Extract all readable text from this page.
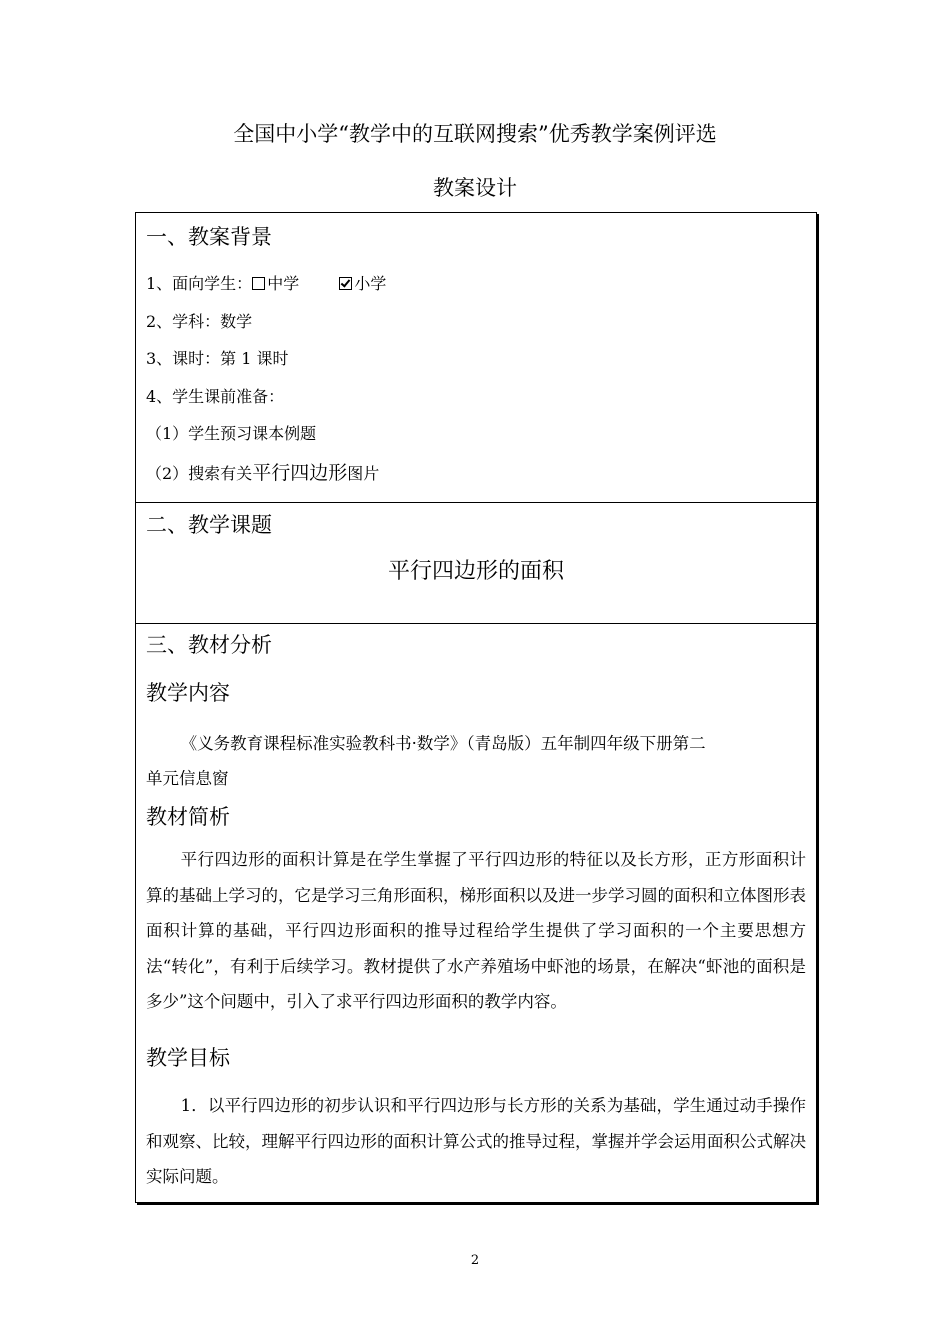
全国中小学“教学中的互联网搜索”优秀教学案例评选
教案设计
一、教案背景
1、面向学生： 中学	小学
2、学科：数学
3、课时：第 1 课时
4、学生课前准备：
（1）学生预习课本例题
（2）搜索有关平行四边形图片
二、教学课题
平行四边形的面积
三、教材分析
教学内容
《义务教育课程标准实验教科书·数学》（青岛版）五年制四年级下册第二
单元信息窗
教材简析
平行四边形的面积计算是在学生掌握了平行四边形的特征以及长方形，正方形面积计算的基础上学习的，它是学习三角形面积，梯形面积以及进一步学习圆的面积和立体图形表面积计算的基础，平行四边形面积的推导过程给学生提供了学习面积的一个主要思想方法“转化”，有利于后续学习。教材提供了水产养殖场中虾池的场景，在解决“虾池的面积是多少”这个问题中，引入了求平行四边形面积的教学内容。
教学目标
1．以平行四边形的初步认识和平行四边形与长方形的关系为基础，学生通过动手操作和观察、比较，理解平行四边形的面积计算公式的推导过程，掌握并学会运用面积公式解决实际问题。
2
